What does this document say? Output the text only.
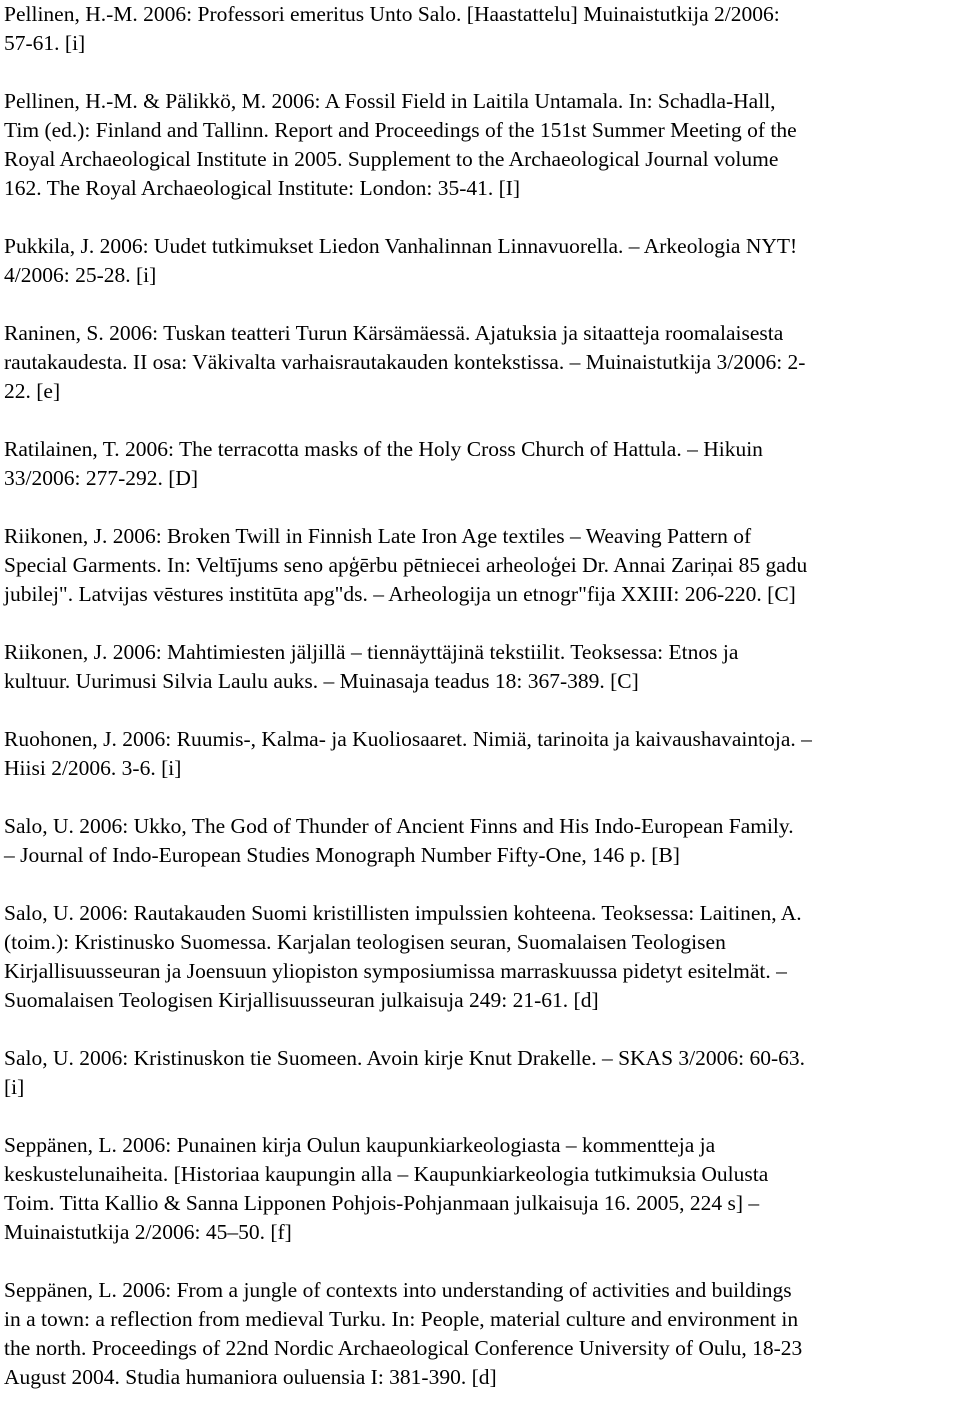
Pellinen, H.-M. 2006: Professori emeritus Unto Salo. [Haastattelu] Muinaistutkija 2/2006:
57-61. [i]
Pellinen, H.-M. & Pälikkö, M. 2006: A Fossil Field in Laitila Untamala. In: Schadla-Hall,
Tim (ed.): Finland and Tallinn. Report and Proceedings of the 151st Summer Meeting of the
Royal Archaeological Institute in 2005. Supplement to the Archaeological Journal volume
162. The Royal Archaeological Institute: London: 35-41. [I]
Pukkila, J. 2006: Uudet tutkimukset Liedon Vanhalinnan Linnavuorella. – Arkeologia NYT!
4/2006: 25-28. [i]
Raninen, S. 2006: Tuskan teatteri Turun Kärsämäessä. Ajatuksia ja sitaatteja roomalaisesta
rautakaudesta. II osa: Väkivalta varhaisrautakauden kontekstissa. – Muinaistutkija 3/2006: 2-
22. [e]
Ratilainen, T. 2006: The terracotta masks of the Holy Cross Church of Hattula. – Hikuin
33/2006: 277-292. [D]
Riikonen, J. 2006: Broken Twill in Finnish Late Iron Age textiles – Weaving Pattern of
Special Garments. In: Veltījums seno apģērbu pētniecei arheoloģei Dr. Annai Zariņai 85 gadu
jubilej". Latvijas vēstures institūta apg"ds. – Arheologija un etnogr"fija XXIII: 206-220. [C]
Riikonen, J. 2006: Mahtimiesten jäljillä – tiennäyttäjinä tekstiilit. Teoksessa: Etnos ja
kultuur. Uurimusi Silvia Laulu auks. – Muinasaja teadus 18: 367-389. [C]
Ruohonen, J. 2006: Ruumis-, Kalma- ja Kuoliosaaret. Nimiä, tarinoita ja kaivaushavaintoja. –
Hiisi 2/2006. 3-6. [i]
Salo, U. 2006: Ukko, The God of Thunder of Ancient Finns and His Indo-European Family.
– Journal of Indo-European Studies Monograph Number Fifty-One, 146 p. [B]
Salo, U. 2006: Rautakauden Suomi kristillisten impulssien kohteena. Teoksessa: Laitinen, A.
(toim.): Kristinusko Suomessa. Karjalan teologisen seuran, Suomalaisen Teologisen
Kirjallisuusseuran ja Joensuun yliopiston symposiumissa marraskuussa pidetyt esitelmät. –
Suomalaisen Teologisen Kirjallisuusseuran julkaisuja 249: 21-61. [d]
Salo, U. 2006: Kristinuskon tie Suomeen. Avoin kirje Knut Drakelle. – SKAS 3/2006: 60-63.
[i]
Seppänen, L. 2006: Punainen kirja Oulun kaupunkiarkeologiasta – kommentteja ja
keskustelunaiheita. [Historiaa kaupungin alla – Kaupunkiarkeologia tutkimuksia Oulusta
Toim. Titta Kallio & Sanna Lipponen Pohjois-Pohjanmaan julkaisuja 16. 2005, 224 s] –
Muinaistutkija 2/2006: 45–50. [f]
Seppänen, L. 2006: From a jungle of contexts into understanding of activities and buildings
in a town: a reflection from medieval Turku. In: People, material culture and environment in
the north. Proceedings of 22nd Nordic Archaeological Conference University of Oulu, 18-23
August 2004. Studia humaniora ouluensia I: 381-390. [d]
